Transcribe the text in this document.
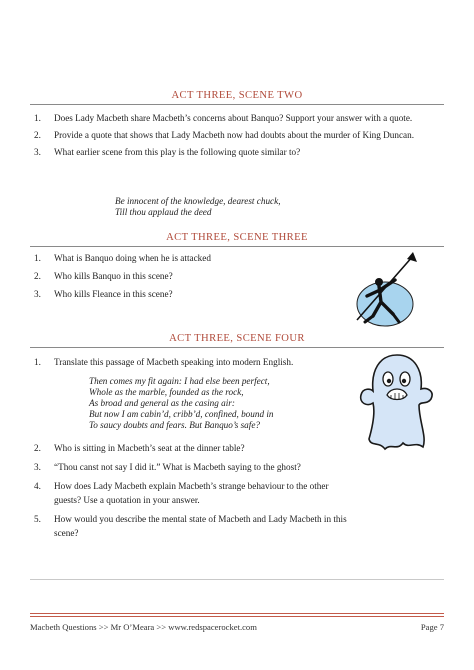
ACT THREE, SCENE TWO
1. Does Lady Macbeth share Macbeth’s concerns about Banquo? Support your answer with a quote.
2. Provide a quote that shows that Lady Macbeth now had doubts about the murder of King Duncan.
3. What earlier scene from this play is the following quote similar to?
Be innocent of the knowledge, dearest chuck,
Till thou applaud the deed
ACT THREE, SCENE THREE
1. What is Banquo doing when he is attacked
2. Who kills Banquo in this scene?
3. Who kills Fleance in this scene?
ACT THREE, SCENE FOUR
1. Translate this passage of Macbeth speaking into modern English.
Then comes my fit again: I had else been perfect,
Whole as the marble, founded as the rock,
As broad and general as the casing air:
But now I am cabin’d, cribb’d, confined, bound in
To saucy doubts and fears. But Banquo’s safe?
2. Who is sitting in Macbeth’s seat at the dinner table?
3. “Thou canst not say I did it.” What is Macbeth saying to the ghost?
4. How does Lady Macbeth explain Macbeth’s strange behaviour to the other guests? Use a quotation in your answer.
5. How would you describe the mental state of Macbeth and Lady Macbeth in this scene?
Macbeth Questions >> Mr O’Meara >> www.redspacerocket.com	Page 7
